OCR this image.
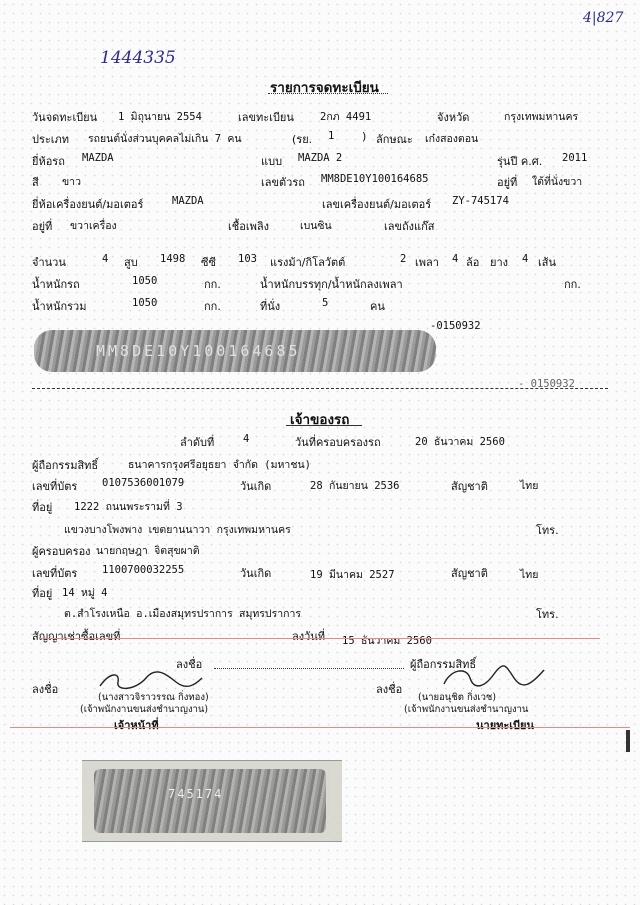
4|827
1444335
รายการจดทะเบียน
วันจดทะเบียน 1 มิถุนายน 2554	เลขทะเบียน 2กภ 4491	จังหวัด	กรุงเทพมหานคร
ประเภท รถยนต์นั่งส่วนบุคคลไม่เกิน 7 คน	(รย. 1	) ลักษณะ เก๋งสองตอน
ยี่ห้อรถ MAZDA	แบบ MAZDA 2	รุ่นปี ค.ศ. 2011
สี ขาว	เลขตัวรถ MM8DE10Y100164685	อยู่ที่ ใต้ที่นั่งขวา
ยี่ห้อเครื่องยนต์/มอเตอร์	MAZDA	เลขเครื่องยนต์/มอเตอร์ ZY-745174
อยู่ที่ ขวาเครื่อง	เชื้อเพลิง	เบนซิน	เลขถังแก๊ส
จำนวน	4 สูบ 1498 ซีซี 103 แรงม้า/กิโลวัตต์	2 เพลา 4 ล้อ ยาง 4 เส้น
น้ำหนักรถ	1050	กก.	น้ำหนักบรรทุก/น้ำหนักลงเพลา	กก.
น้ำหนักรวม	1050	กก.	ที่นั่ง	5	คน
-0150932
MM8DE10Y100164685
- 0150932
เจ้าของรถ
ลำดับที่	4	วันที่ครอบครองรถ	20 ธันวาคม 2560
ผู้ถือกรรมสิทธิ์	ธนาคารกรุงศรีอยุธยา จำกัด (มหาชน)
เลขที่บัตร 0107536001079	วันเกิด	28 กันยายน 2536	สัญชาติ	ไทย
ที่อยู่ 1222 ถนนพระรามที่ 3
แขวงบางโพงพาง เขตยานนาวา กรุงเทพมหานคร	โทร.
ผู้ครอบครอง นายกฤษฎา จิตสุขผาติ
เลขที่บัตร 1100700032255	วันเกิด	19 มีนาคม 2527	สัญชาติ	ไทย
ที่อยู่ 14 หมู่ 4
ต.สำโรงเหนือ อ.เมืองสมุทรปราการ สมุทรปราการ	โทร.
สัญญาเช่าซื้อเลขที่	ลงวันที่ 15 ธันวาคม 2560
ลงชื่อ	ผู้ถือกรรมสิทธิ์
ลงชื่อ
(นางสาวจิราวรรณ กิ่งทอง)
(เจ้าพนักงานขนส่งชำนาญงาน)
เจ้าหน้าที่
ลงชื่อ
(นายอนุชิต กิ่งเวช)
(เจ้าพนักงานขนส่งชำนาญงาน
นายทะเบียน
745174
